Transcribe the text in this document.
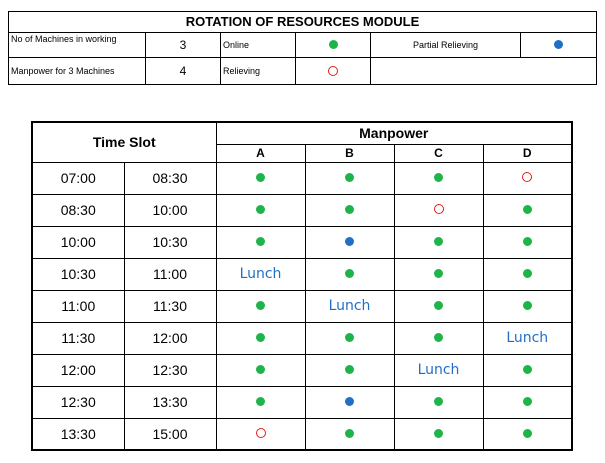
ROTATION OF RESOURCES MODULE
No of Machines in working	3	Online	Partial Relieving
Manpower for 3 Machines	4	Relieving
Time Slot		Manpower			
		A	B	C	D
07:00	08:30				
08:30	10:00				
10:00	10:30				
10:30	11:00	Lunch			
11:00	11:30		Lunch		
11:30	12:00				Lunch
12:00	12:30			Lunch	
12:30	13:30				
13:30	15:00				
